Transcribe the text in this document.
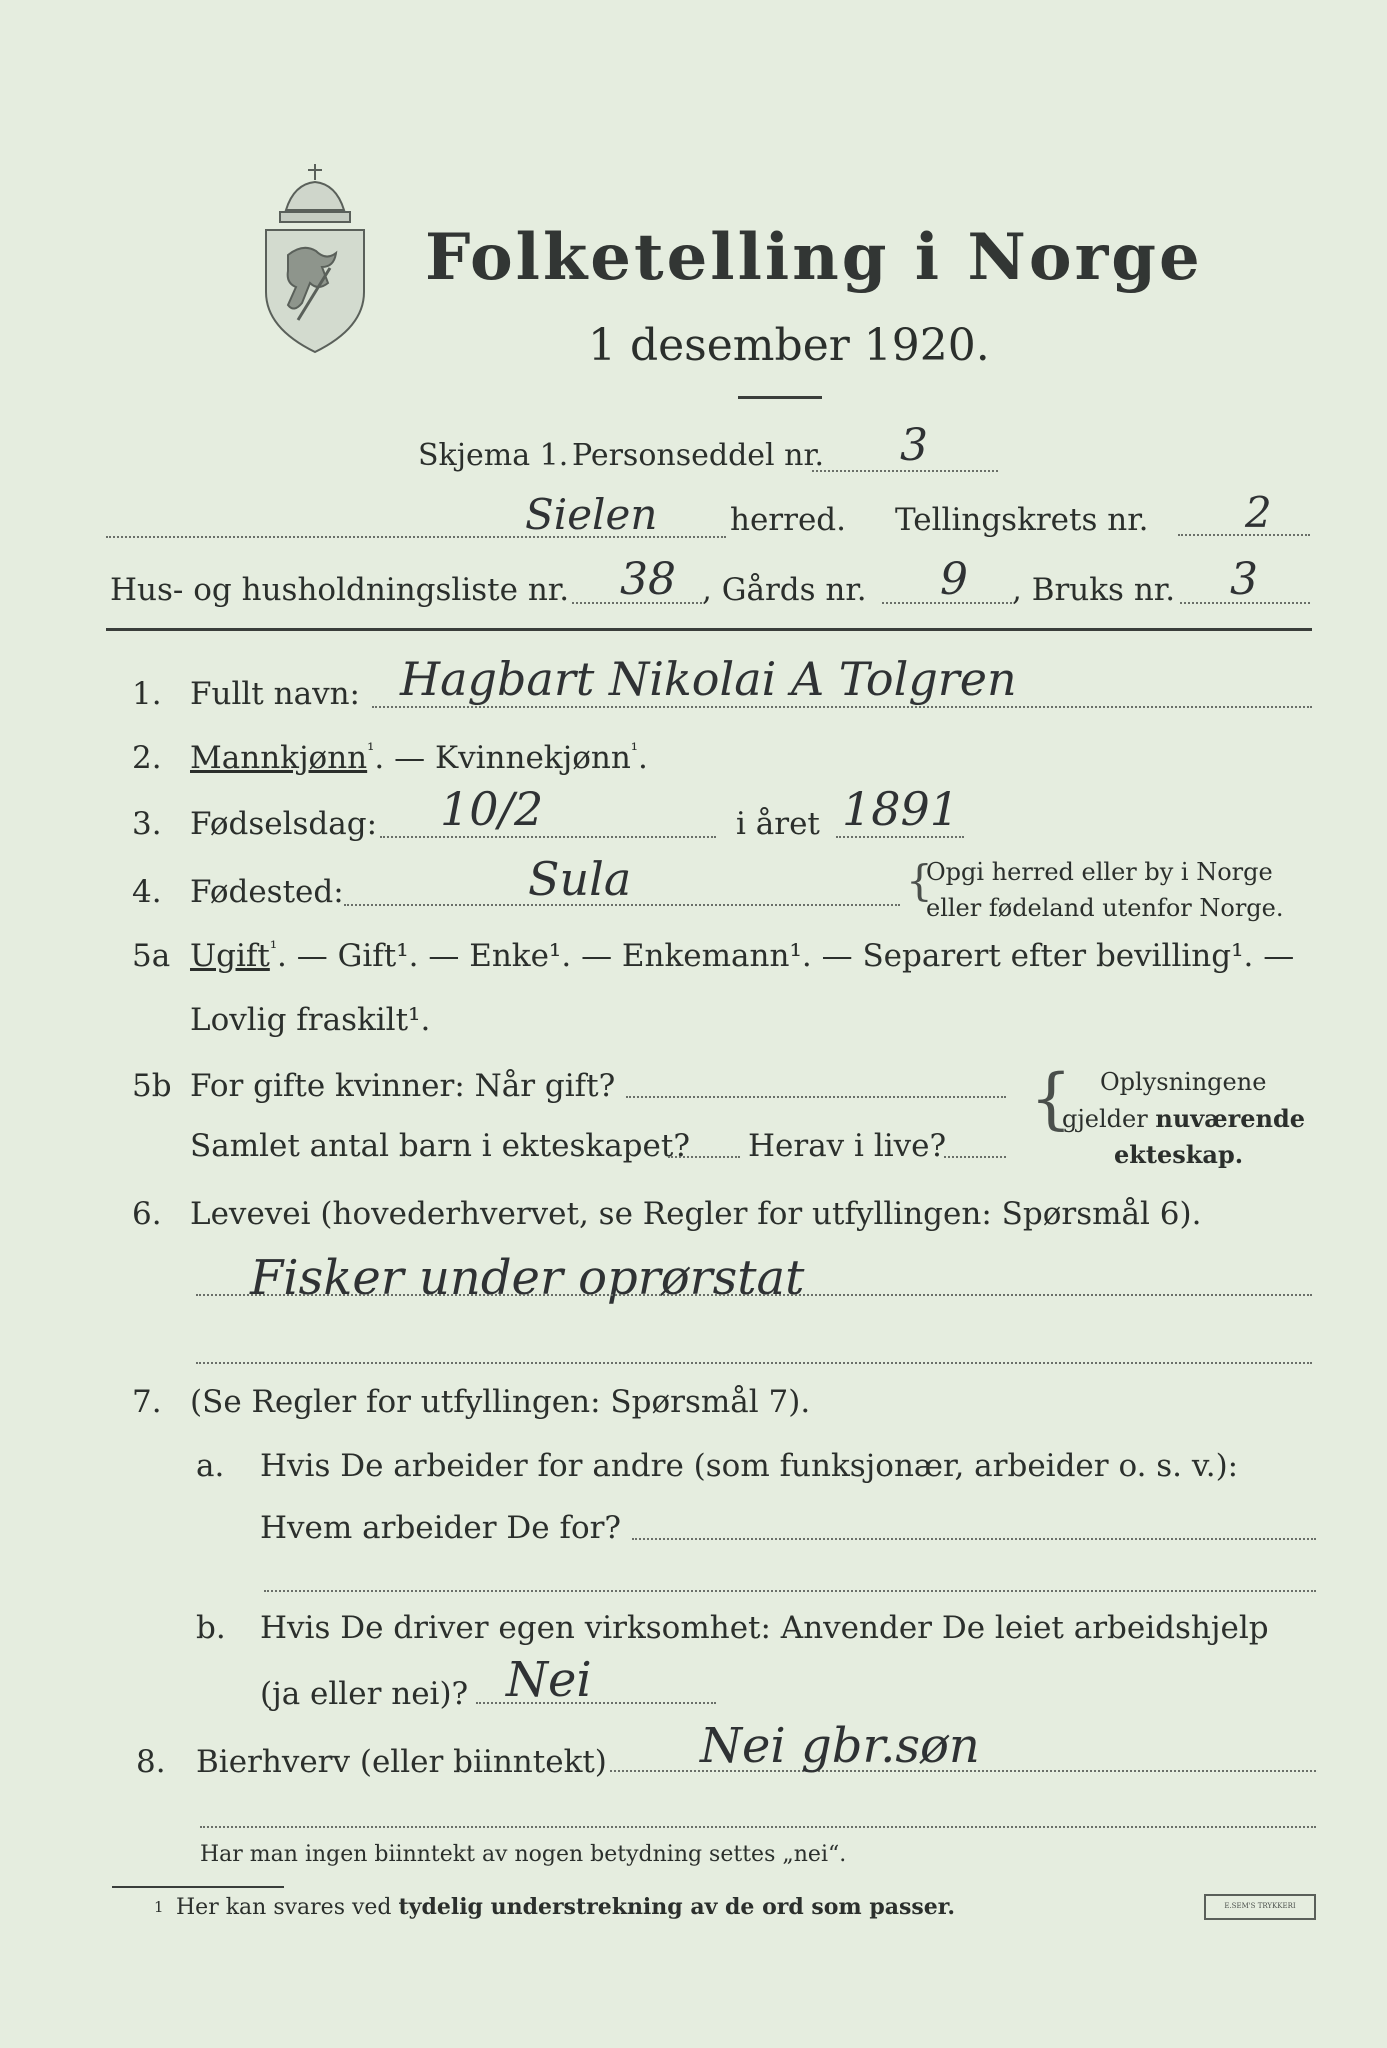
Folketelling i Norge
1 desember 1920.
Skjema 1. Personseddel nr. 3
Sielen herred. Tellingskrets nr. 2
Hus- og husholdningsliste nr. 38 , Gårds nr. 9 , Bruks nr. 3
1. Fullt navn: Hagbart Nikolai A Tolgren
2. Mannkjønn$^{^1}$. — Kvinnekjønn$^{^1}$.
3. Fødselsdag: 10/2	i året 1891
4. Fødested:	Sula	{
Opgi herred eller by i Norge
eller fødeland utenfor Norge.
5a Ugift$^{^1}$. — Gift¹. — Enke¹. — Enkemann¹. — Separert efter bevilling¹. —
Lovlig fraskilt¹.
5b For gifte kvinner: Når gift?
Samlet antal barn i ekteskapet? Herav i live?
{ Oplysningene
gjelder nuværende
ekteskap.
6. Levevei (hovederhvervet, se Regler for utfyllingen: Spørsmål 6).
Fisker under oprørstat
7. (Se Regler for utfyllingen: Spørsmål 7).
a. Hvis De arbeider for andre (som funksjonær, arbeider o. s. v.):
Hvem arbeider De for?
b. Hvis De driver egen virksomhet: Anvender De leiet arbeidshjelp
(ja eller nei)? Nei
8. Bierhverv (eller biinntekt) Nei gbr.søn
Har man ingen biinntekt av nogen betydning settes „nei“.
1 Her kan svares ved tydelig understrekning av de ord som passer.	E.SEM'S TRYKKERI
